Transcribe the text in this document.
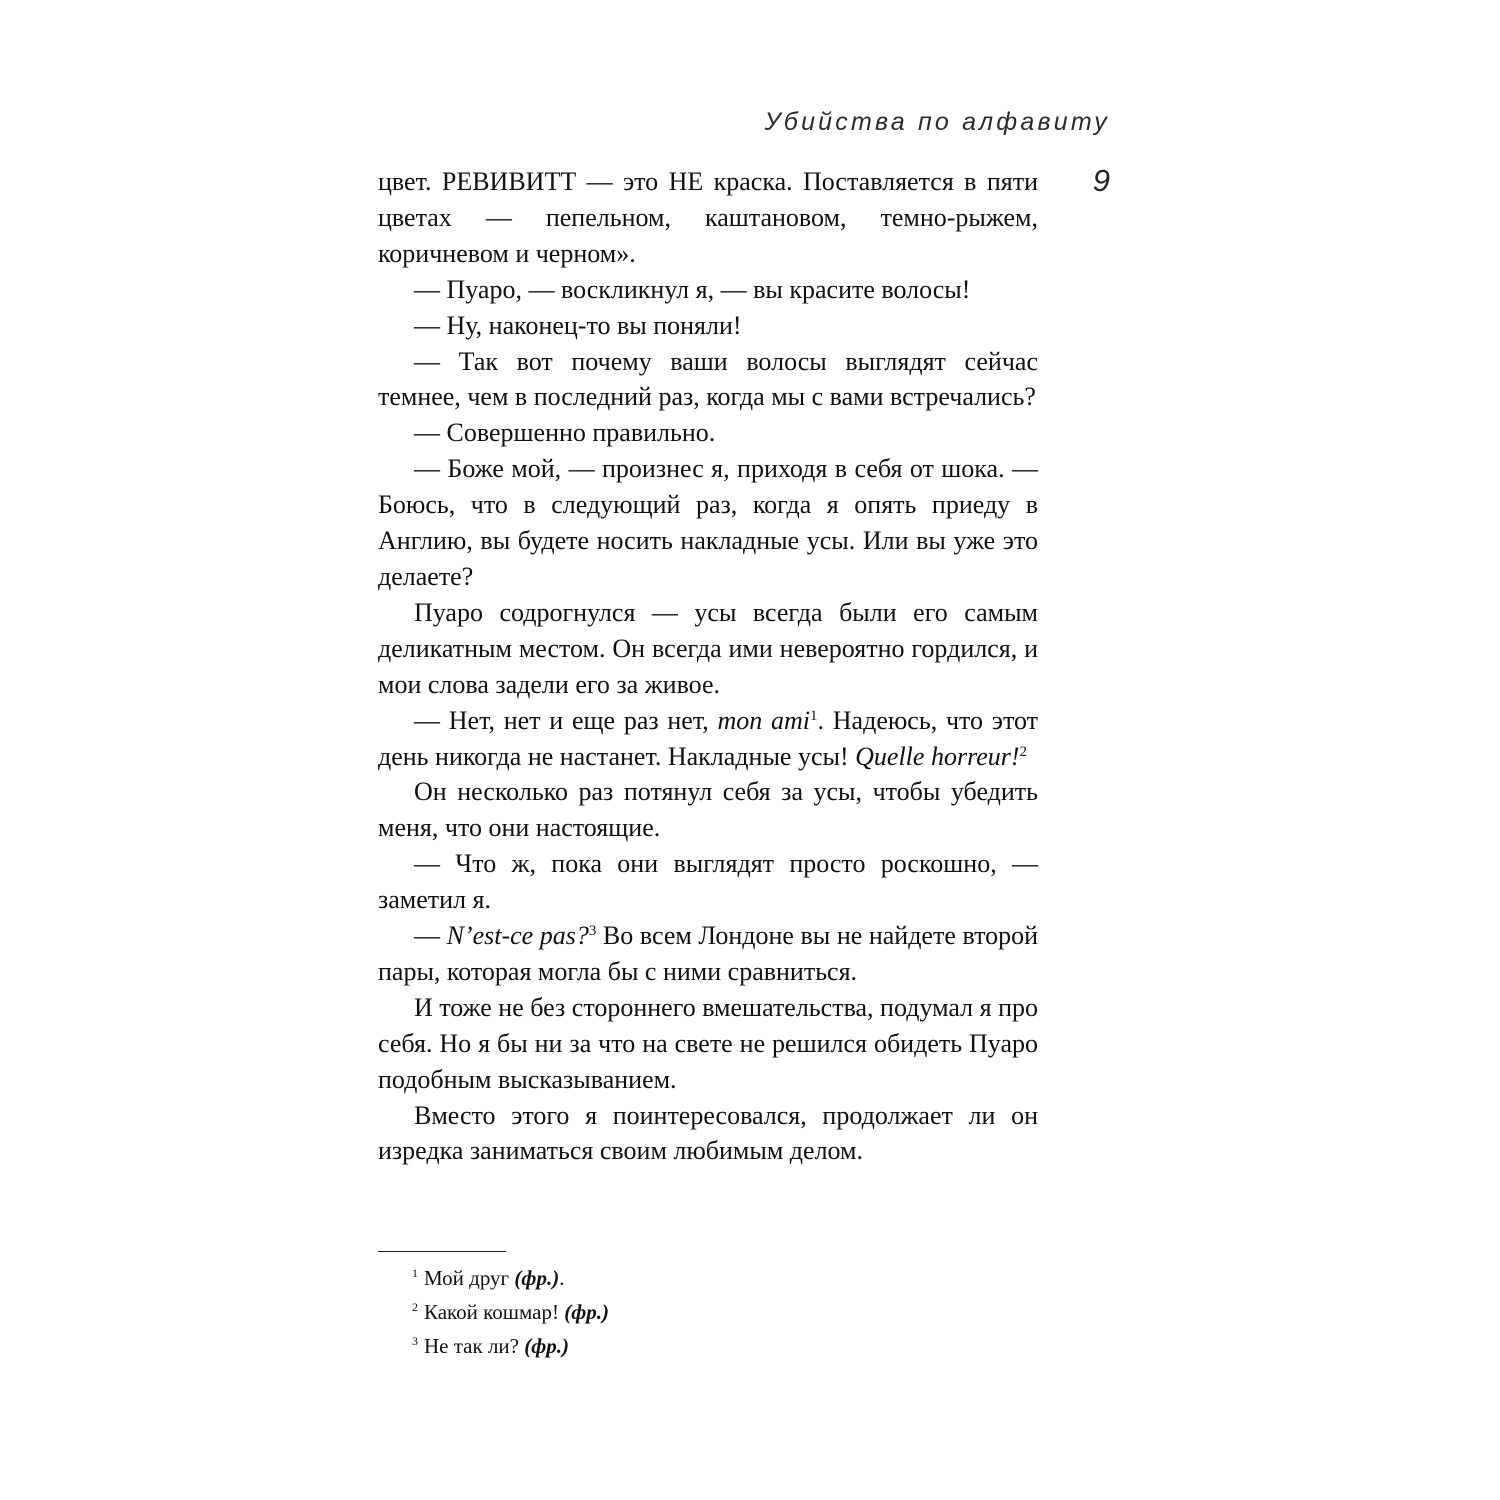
Убийства по алфавиту
9

цвет. РЕВИВИТТ — это НЕ краска. Поставляется в пяти цветах — пепельном, каштановом, темно-рыжем, коричневом и черном».

— Пуаро, — воскликнул я, — вы красите волосы!

— Ну, наконец-то вы поняли!

— Так вот почему ваши волосы выглядят сейчас темнее, чем в последний раз, когда мы с вами встречались?

— Совершенно правильно.

— Боже мой, — произнес я, приходя в себя от шока. — Боюсь, что в следующий раз, когда я опять приеду в Англию, вы будете носить накладные усы. Или вы уже это делаете?

Пуаро содрогнулся — усы всегда были его самым деликатным местом. Он всегда ими невероятно гордился, и мои слова задели его за живое.

— Нет, нет и еще раз нет, mon ami$^1$. Надеюсь, что этот день никогда не настанет. Накладные усы! Quelle horreur!$^2$

Он несколько раз потянул себя за усы, чтобы убедить меня, что они настоящие.

— Что ж, пока они выглядят просто роскошно, — заметил я.

— N’est-ce pas?$^3$ Во всем Лондоне вы не найдете второй пары, которая могла бы с ними сравниться.

И тоже не без стороннего вмешательства, подумал я про себя. Но я бы ни за что на свете не решился обидеть Пуаро подобным высказыванием.

Вместо этого я поинтересовался, продолжает ли он изредка заниматься своим любимым делом.

$^1$ Мой друг (фр.).

$^2$ Какой кошмар! (фр.)

$^3$ Не так ли? (фр.)
